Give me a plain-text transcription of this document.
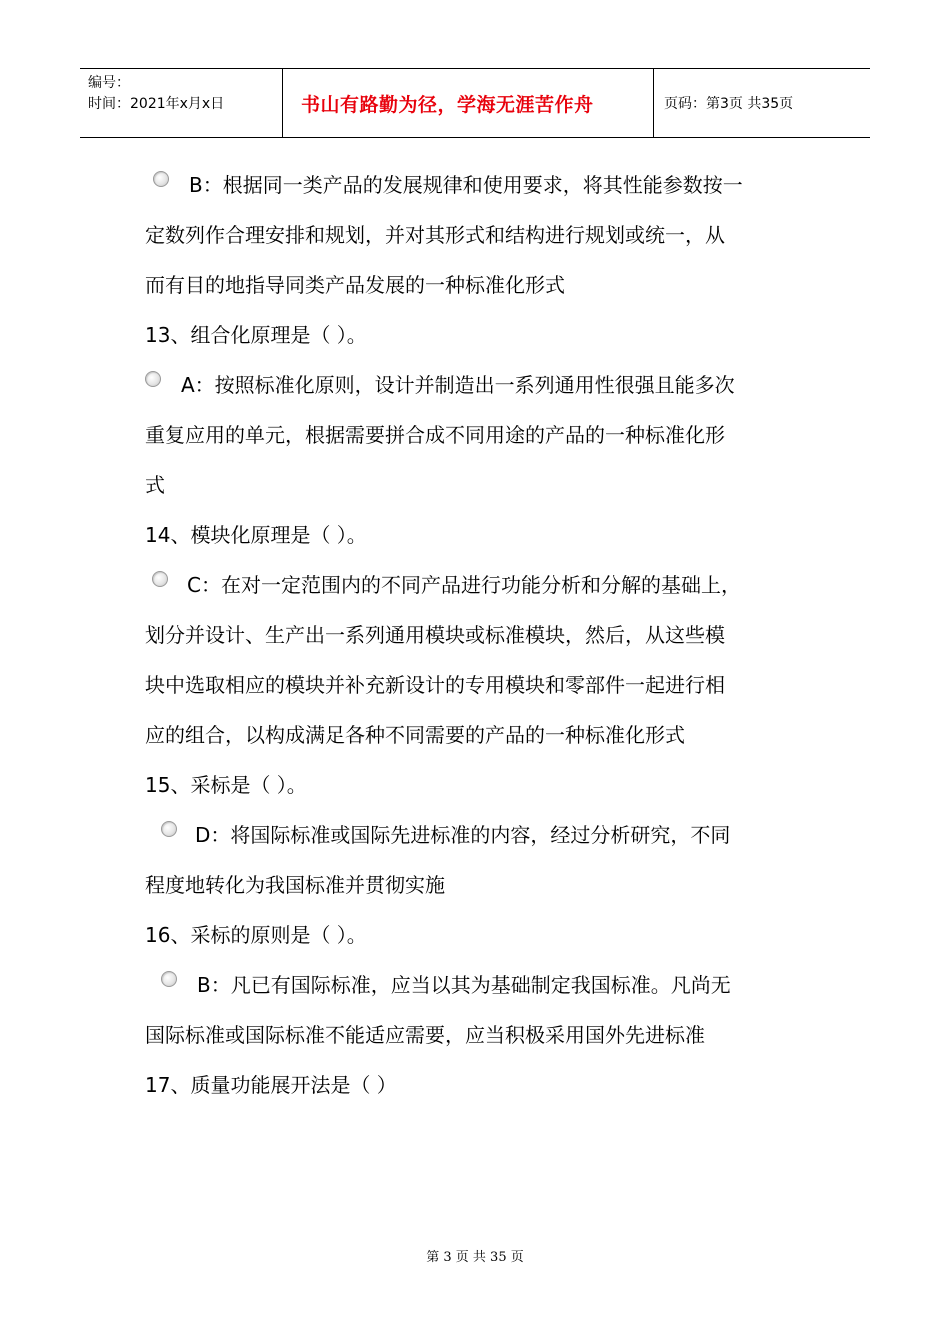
编号：
时间：2021年x月x日	书山有路勤为径，学海无涯苦作舟	页码：第3页 共35页
B：根据同一类产品的发展规律和使用要求，将其性能参数按一
定数列作合理安排和规划，并对其形式和结构进行规划或统一，从
而有目的地指导同类产品发展的一种标准化形式
13、组合化原理是（ ）。
A：按照标准化原则，设计并制造出一系列通用性很强且能多次
重复应用的单元，根据需要拼合成不同用途的产品的一种标准化形
式
14、模块化原理是（ ）。
C：在对一定范围内的不同产品进行功能分析和分解的基础上，
划分并设计、生产出一系列通用模块或标准模块，然后，从这些模
块中选取相应的模块并补充新设计的专用模块和零部件一起进行相
应的组合，以构成满足各种不同需要的产品的一种标准化形式
15、采标是（ ）。
D：将国际标准或国际先进标准的内容，经过分析研究，不同
程度地转化为我国标准并贯彻实施
16、采标的原则是（ ）。
B：凡已有国际标准，应当以其为基础制定我国标准。凡尚无
国际标准或国际标准不能适应需要，应当积极采用国外先进标准
17、质量功能展开法是（ ）
第 3 页 共 35 页
